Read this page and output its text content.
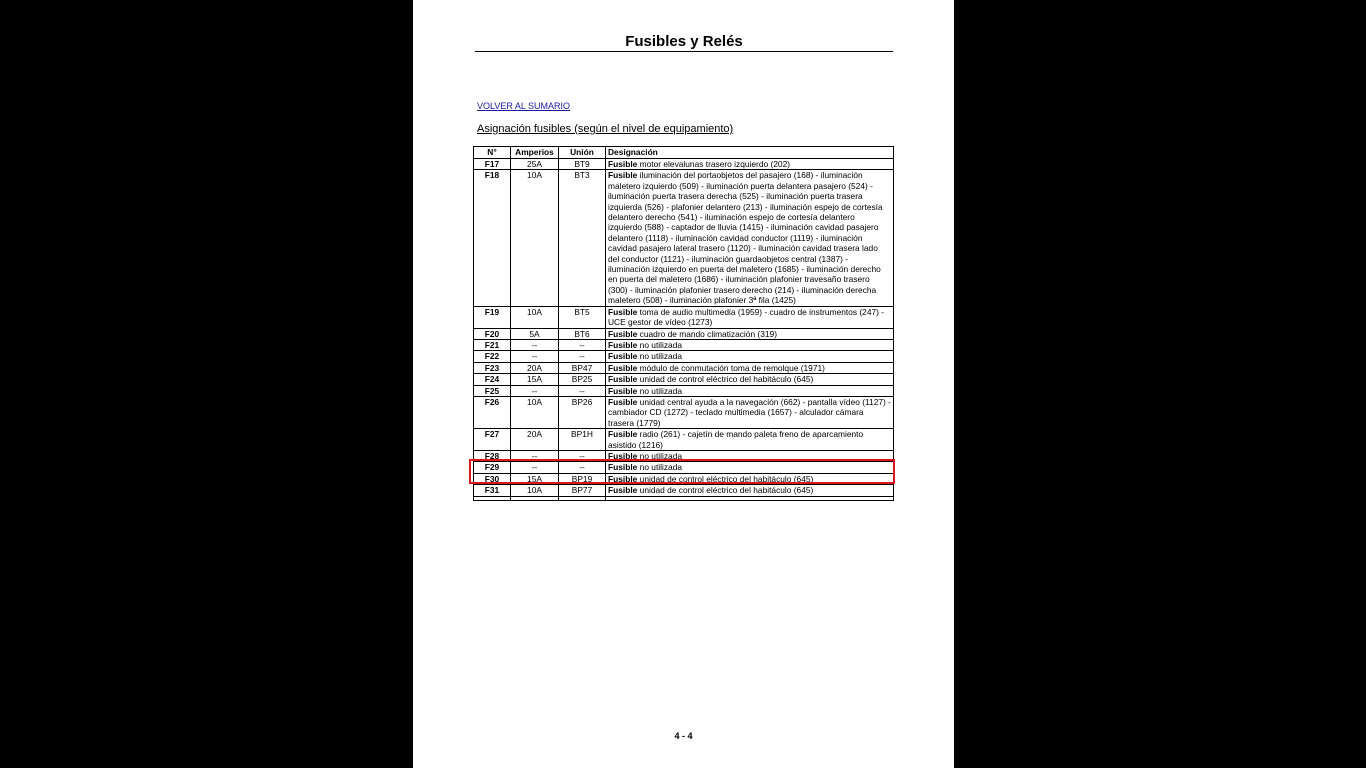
Fusibles y Relés
VOLVER AL SUMARIO
Asignación fusibles (según el nivel de equipamiento)
N°	Amperios	Unión	Designación
F17	25A	BT9	Fusible motor elevalunas trasero izquierdo (202)
F18	10A	BT3	Fusible iluminación del portaobjetos del pasajero (168) - iluminación maletero izquierdo (509) - iluminación puerta delantera pasajero (524) - iluminación puerta trasera derecha (525) - iluminación puerta trasera izquierda (526) - plafonier delantero (213) - iluminación espejo de cortesía delantero derecho (541) - iluminación espejo de cortesía delantero izquierdo (588) - captador de lluvia (1415) - iluminación cavidad pasajero delantero (1118) - iluminación cavidad conductor (1119) - iluminación cavidad pasajero lateral trasero (1120) - iluminación cavidad trasera lado del conductor (1121) - iluminación guardaobjetos central (1387) - iluminación izquierdo en puerta del maletero (1685) - iluminación derecho en puerta del maletero (1686) - iluminación plafonier travesaño trasero (300) - iluminación plafonier trasero derecho (214) - iluminación derecha maletero (508) - iluminación plafonier 3ª fila (1425)
F19	10A	BT5	Fusible toma de audio multimedia (1959) - cuadro de instrumentos (247) - UCE gestor de vídeo (1273)
F20	5A	BT6	Fusible cuadro de mando climatización (319)
F21	--	--	Fusible no utilizada
F22	--	--	Fusible no utilizada
F23	20A	BP47	Fusible módulo de conmutación toma de remolque (1971)
F24	15A	BP25	Fusible unidad de control eléctrico del habitáculo (645)
F25	--	--	Fusible no utilizada
F26	10A	BP26	Fusible unidad central ayuda a la navegación (662) - pantalla vídeo (1127) - cambiador CD (1272) - teclado multimedia (1657) - alculador cámara trasera (1779)
F27	20A	BP1H	Fusible radio (261) - cajetín de mando paleta freno de aparcamiento asistido (1216)
F28	--	--	Fusible no utilizada
F29	--	--	Fusible no utilizada
F30	15A	BP19	Fusible unidad de control eléctrico del habitáculo (645)
F31	10A	BP77	Fusible unidad de control eléctrico del habitáculo (645)

4 - 4
